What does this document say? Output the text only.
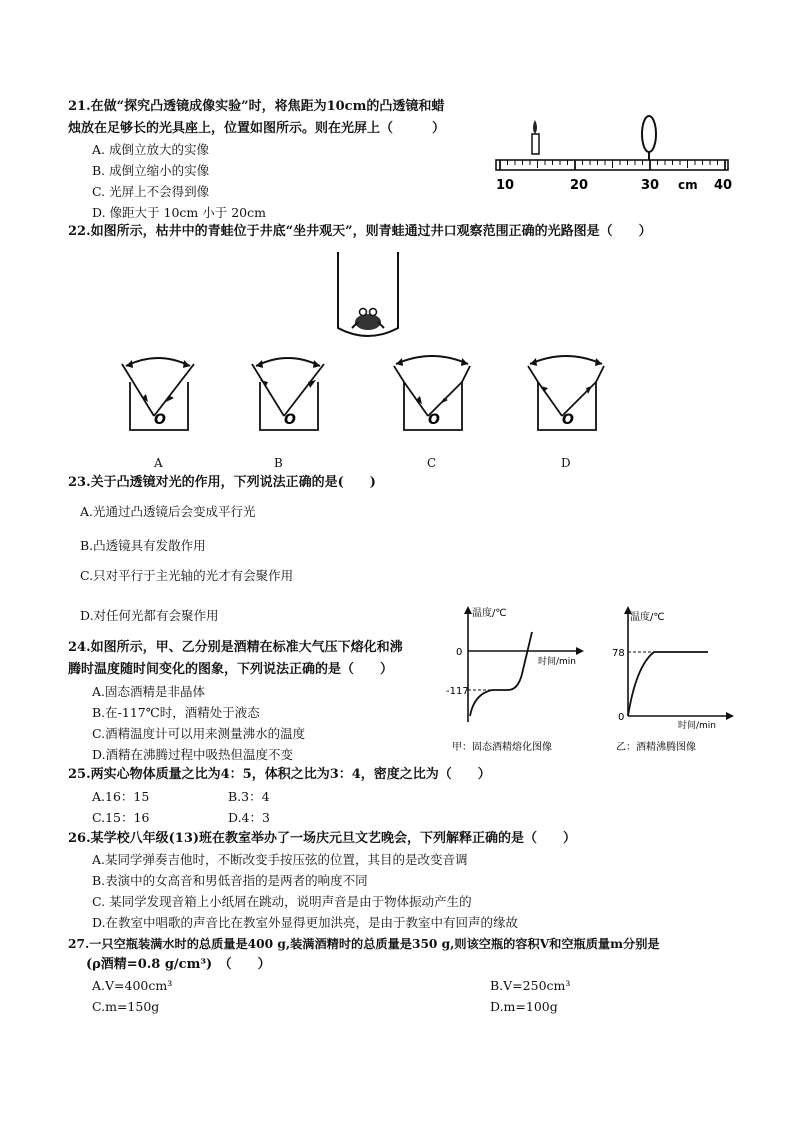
21.在做“探究凸透镜成像实验”时，将焦距为10cm的凸透镜和蜡
烛放在足够长的光具座上，位置如图所示。则在光屏上（　　　）
A. 成倒立放大的实像
B. 成倒立缩小的实像
C. 光屏上不会得到像
D. 像距大于 10cm 小于 20cm
10	20	30 cm 40
22.如图所示，枯井中的青蛙位于井底“坐井观天”，则青蛙通过井口观察范围正确的光路图是（　　）
O	O	O	O
A	B	C	D
23.关于凸透镜对光的作用，下列说法正确的是(　　)
A.光通过凸透镜后会变成平行光
B.凸透镜具有发散作用
C.只对平行于主光轴的光才有会聚作用
D.对任何光都有会聚作用
24.如图所示，甲、乙分别是酒精在标准大气压下熔化和沸
腾时温度随时间变化的图象，下列说法正确的是（　　）
A.固态酒精是非晶体
B.在-117℃时，酒精处于液态
C.酒精温度计可以用来测量沸水的温度
D.酒精在沸腾过程中吸热但温度不变
温度/℃
时间/min
0
-117
甲：固态酒精熔化图像
温度/℃
时间/min
78
0
乙：酒精沸腾图像
25.两实心物体质量之比为4：5，体积之比为3：4，密度之比为（　　）
A.16：15	B.3：4
C.15：16	D.4：3
26.某学校八年级(13)班在教室举办了一场庆元旦文艺晚会，下列解释正确的是（　　）
A.某同学弹奏吉他时，不断改变手按压弦的位置，其目的是改变音调
B.表演中的女高音和男低音指的是两者的响度不同
C. 某同学发现音箱上小纸屑在跳动，说明声音是由于物体振动产生的
D.在教室中唱歌的声音比在教室外显得更加洪亮，是由于教室中有回声的缘故
27.一只空瓶装满水时的总质量是400 g,装满酒精时的总质量是350 g,则该空瓶的容积V和空瓶质量m分别是
(ρ酒精=0.8 g/cm³)　（　　）
A.V=400cm³	B.V=250cm³
C.m=150g	D.m=100g
